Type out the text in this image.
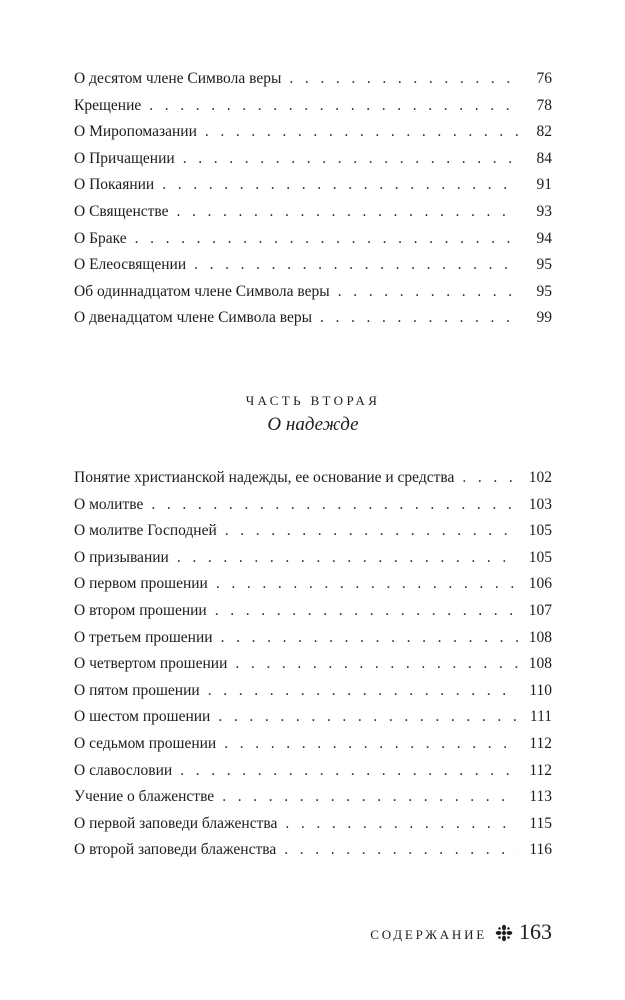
О десятом члене Символа веры . .	76
Крещение . .	78
О Миропомазании . .	82
О Причащении . .	84
О Покаянии . .	91
О Священстве . .	93
О Браке . .	94
О Елеосвящении . .	95
Об одиннадцатом члене Символа веры . .	95
О двенадцатом члене Символа веры . .	99
ЧАСТЬ ВТОРАЯ
О надежде
Понятие христианской надежды, ее основание и средства . .	102
О молитве . .	103
О молитве Господней . .	105
О призывании . .	105
О первом прошении . .	106
О втором прошении . .	107
О третьем прошении . .	108
О четвертом прошении . .	108
О пятом прошении . .	110
О шестом прошении . .	111
О седьмом прошении . .	112
О славословии . .	112
Учение о блаженстве . .	113
О первой заповеди блаженства . .	115
О второй заповеди блаженства . .	116
СОДЕРЖАНИЕ 163
